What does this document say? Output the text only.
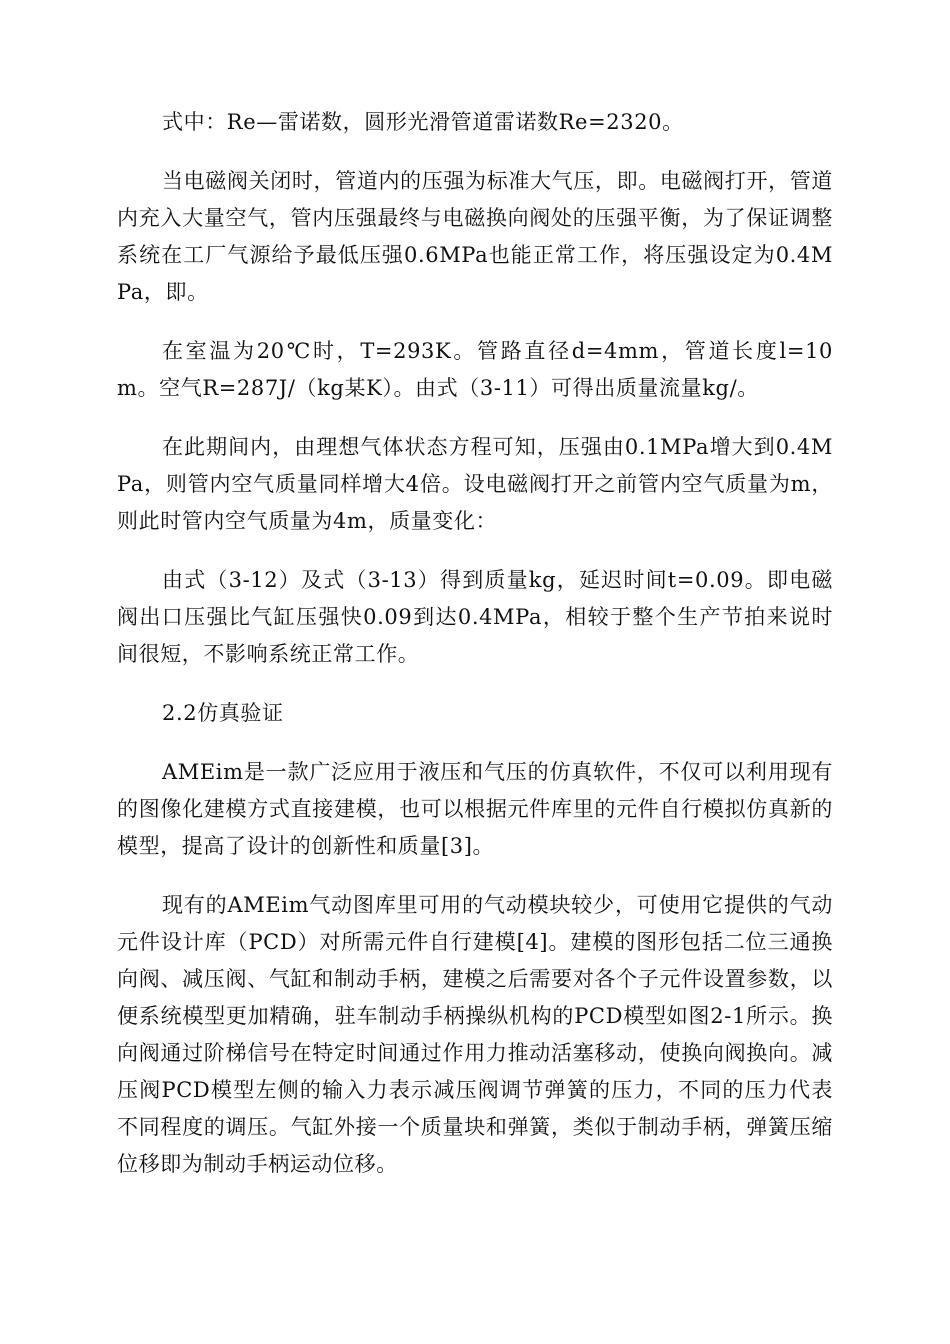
式中：Re—雷诺数，圆形光滑管道雷诺数Re=2320。

当电磁阀关闭时，管道内的压强为标准大气压，即。电磁阀打开，管道内充入大量空气，管内压强最终与电磁换向阀处的压强平衡，为了保证调整系统在工厂气源给予最低压强0.6MPa也能正常工作，将压强设定为0.4MPa，即。

在室温为20℃时，T=293K。管路直径d=4mm，管道长度l=10m。空气R=287J/（kg某K）。由式（3-11）可得出质量流量kg/。

在此期间内，由理想气体状态方程可知，压强由0.1MPa增大到0.4MPa，则管内空气质量同样增大4倍。设电磁阀打开之前管内空气质量为m，则此时管内空气质量为4m，质量变化：

由式（3-12）及式（3-13）得到质量kg，延迟时间t=0.09。即电磁阀出口压强比气缸压强快0.09到达0.4MPa，相较于整个生产节拍来说时间很短，不影响系统正常工作。

2.2仿真验证

AMEim是一款广泛应用于液压和气压的仿真软件，不仅可以利用现有的图像化建模方式直接建模，也可以根据元件库里的元件自行模拟仿真新的模型，提高了设计的创新性和质量[3]。

现有的AMEim气动图库里可用的气动模块较少，可使用它提供的气动元件设计库（PCD）对所需元件自行建模[4]。建模的图形包括二位三通换向阀、减压阀、气缸和制动手柄，建模之后需要对各个子元件设置参数，以便系统模型更加精确，驻车制动手柄操纵机构的PCD模型如图2-1所示。换向阀通过阶梯信号在特定时间通过作用力推动活塞移动，使换向阀换向。减压阀PCD模型左侧的输入力表示减压阀调节弹簧的压力，不同的压力代表不同程度的调压。气缸外接一个质量块和弹簧，类似于制动手柄，弹簧压缩位移即为制动手柄运动位移。
